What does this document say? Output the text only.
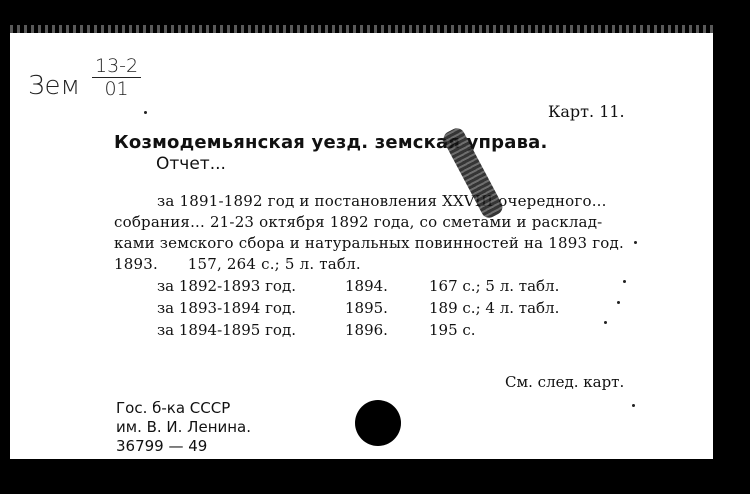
Зем $\frac{13-2}{01}$
Карт. 11.
Козмодемьянская уезд. земская управа.
Отчет...
за 1891-1892 год и постановления XXVIII очередного...
собрания... 21-23 октября 1892 года, со сметами и расклад-
ками земского сбора и натуральных повинностей на 1893 год.
1893.      157, 264 с.; 5 л. табл.
за 1892-1893 год.	1894.	167 с.; 5 л. табл.
за 1893-1894 год.	1895.	189 с.; 4 л. табл.
за 1894-1895 год.	1896.	195 с.
См. след. карт.
Гос. б-ка СССР
им. В. И. Ленина.
36799 — 49
